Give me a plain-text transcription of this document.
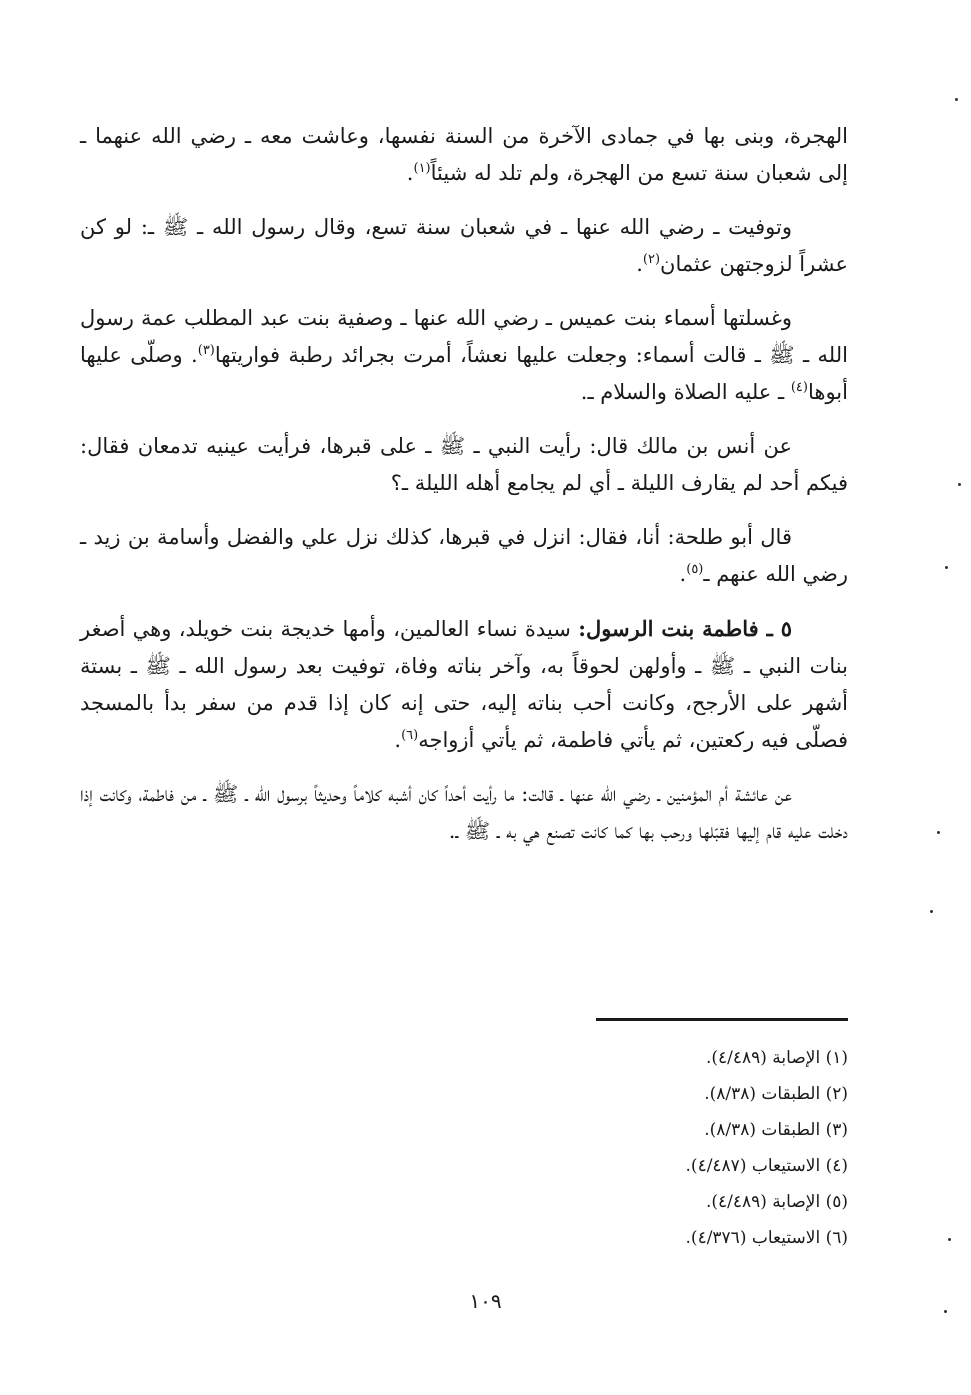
الهجرة، وبنى بها في جمادى الآخرة من السنة نفسها، وعاشت معه ـ رضي الله عنهما ـ إلى شعبان سنة تسع من الهجرة، ولم تلد له شيئاً$^{(١)}$.

وتوفيت ـ رضي الله عنها ـ في شعبان سنة تسع، وقال رسول الله ـ ﷺ ـ: لو كن عشراً لزوجتهن عثمان$^{(٢)}$.

وغسلتها أسماء بنت عميس ـ رضي الله عنها ـ وصفية بنت عبد المطلب عمة رسول الله ـ ﷺ ـ قالت أسماء: وجعلت عليها نعشاً، أمرت بجرائد رطبة فواريتها$^{(٣)}$. وصلّى عليها أبوها$^{(٤)}$ ـ عليه الصلاة والسلام ـ.

عن أنس بن مالك قال: رأيت النبي ـ ﷺ ـ على قبرها، فرأيت عينيه تدمعان فقال: فيكم أحد لم يقارف الليلة ـ أي لم يجامع أهله الليلة ـ؟

قال أبو طلحة: أنا، فقال: انزل في قبرها، كذلك نزل علي والفضل وأسامة بن زيد ـ رضي الله عنهم ـ$^{(٥)}$.

٥ ـ فاطمة بنت الرسول: سيدة نساء العالمين، وأمها خديجة بنت خويلد، وهي أصغر بنات النبي ـ ﷺ ـ وأولهن لحوقاً به، وآخر بناته وفاة، توفيت بعد رسول الله ـ ﷺ ـ بستة أشهر على الأرجح، وكانت أحب بناته إليه، حتى إنه كان إذا قدم من سفر بدأ بالمسجد فصلّى فيه ركعتين، ثم يأتي فاطمة، ثم يأتي أزواجه$^{(٦)}$.

عن عائشة أم المؤمنين ـ رضي الله عنها ـ قالت: ما رأيت أحداً كان أشبه كلاماً وحديثاً برسول الله ـ ﷺ ـ من فاطمة، وكانت إذا دخلت عليه قام إليها فقبّلها ورحب بها كما كانت تصنع هي به ـ ﷺ ـ.

(١) الإصابة (٤/٤٨٩).
(٢) الطبقات (٨/٣٨).
(٣) الطبقات (٨/٣٨).
(٤) الاستيعاب (٤/٤٨٧).
(٥) الإصابة (٤/٤٨٩).
(٦) الاستيعاب (٤/٣٧٦).
١٠٩
